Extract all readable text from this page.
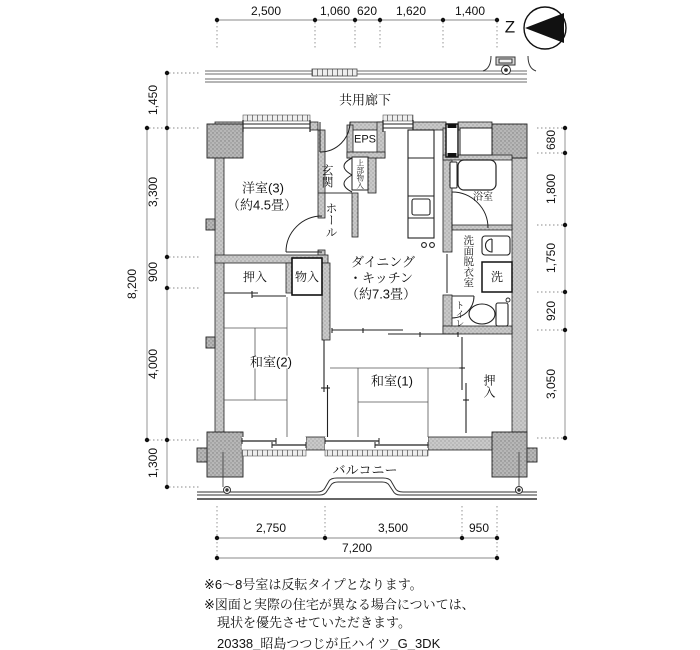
2,500	1,060 620 1,620 1,400
Z
1,450
3,300
900
4,000
1,300
8,200
680
1,800
1,750
920
3,050
2,750	3,500	950
7,200
共用廊下
洋室(3)
（約4.5畳）
玄関	上部物入
EPS
ホール
ダイニング
・キッチン
（約7.3畳）
浴室
洗面脱衣室 洗
トイレ
押入 物入
和室(2)
和室(1)	押入
バルコニー
※6〜8号室は反転タイプとなります。
※図面と実際の住宅が異なる場合については、
現状を優先させていただきます。
20338_昭島つつじが丘ハイツ_G_3DK
